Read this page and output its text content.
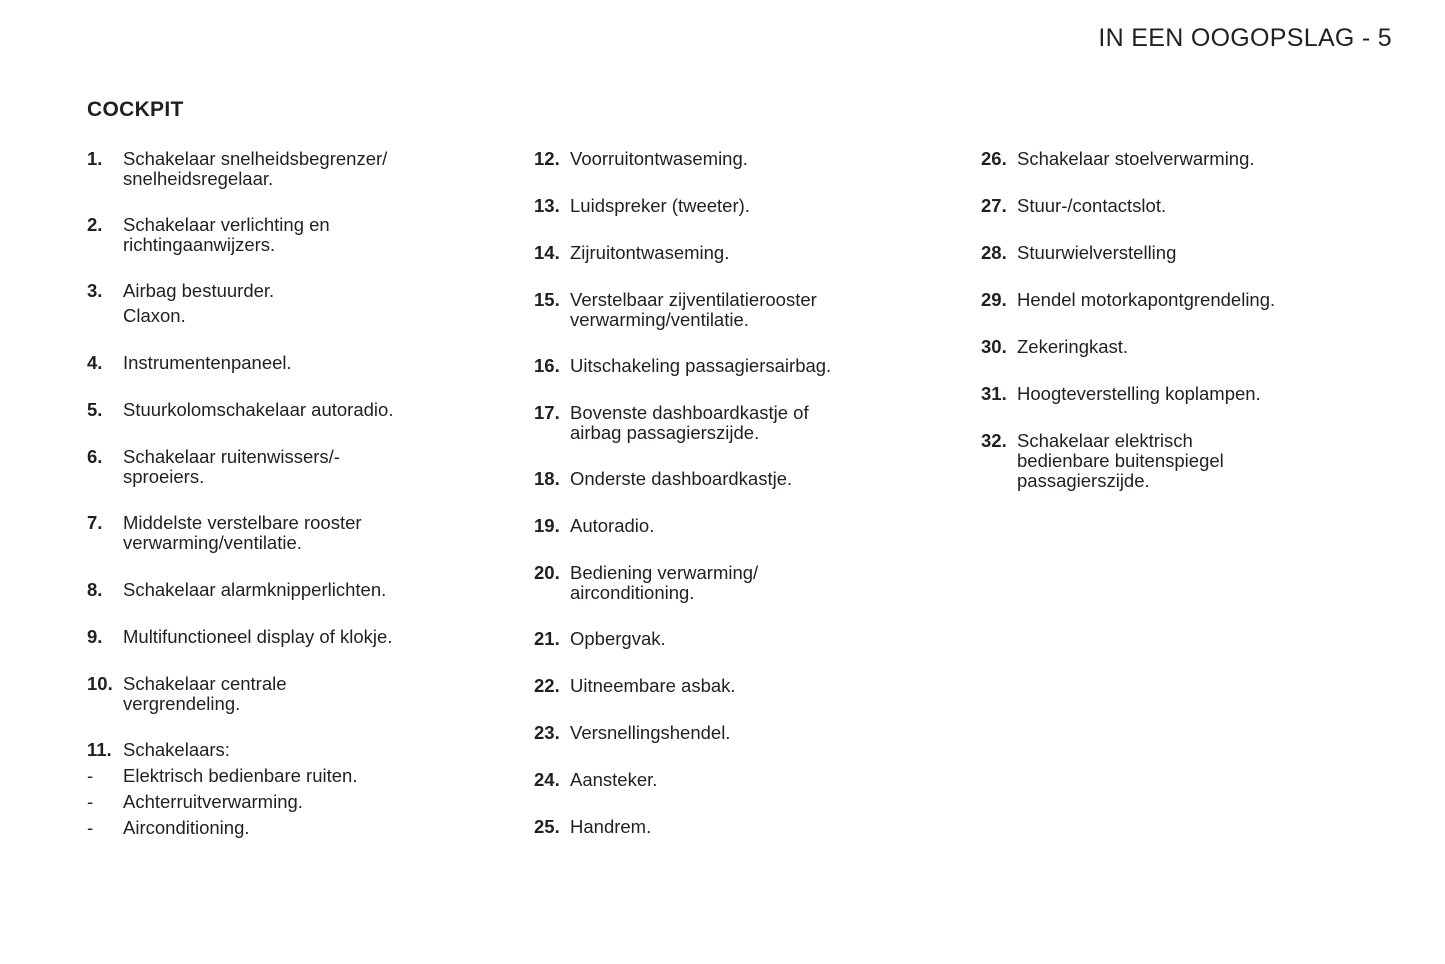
IN EEN OOGOPSLAG - 5
COCKPIT
1.	Schakelaar snelheidsbegrenzer/
snelheidsregelaar.
2.	Schakelaar verlichting en
richtingaanwijzers.
3.	Airbag bestuurder.
Claxon.
4.	Instrumentenpaneel.
5.	Stuurkolomschakelaar autoradio.
6.	Schakelaar ruitenwissers/-
sproeiers.
7.	Middelste verstelbare rooster
verwarming/ventilatie.
8.	Schakelaar alarmknipperlichten.
9.	Multifunctioneel display of klokje.
10. Schakelaar centrale
vergrendeling.
11. Schakelaars:
-	Elektrisch bedienbare ruiten.
-	Achterruitverwarming.
-	Airconditioning.
12. Voorruitontwaseming.
13. Luidspreker (tweeter).
14. Zijruitontwaseming.
15. Verstelbaar zijventilatierooster
verwarming/ventilatie.
16. Uitschakeling passagiersairbag.
17. Bovenste dashboardkastje of
airbag passagierszijde.
18. Onderste dashboardkastje.
19. Autoradio.
20. Bediening verwarming/
airconditioning.
21. Opbergvak.
22. Uitneembare asbak.
23. Versnellingshendel.
24. Aansteker.
25. Handrem.
26. Schakelaar stoelverwarming.
27. Stuur-/contactslot.
28. Stuurwielverstelling
29. Hendel motorkapontgrendeling.
30. Zekeringkast.
31. Hoogteverstelling koplampen.
32. Schakelaar elektrisch
bedienbare buitenspiegel
passagierszijde.
